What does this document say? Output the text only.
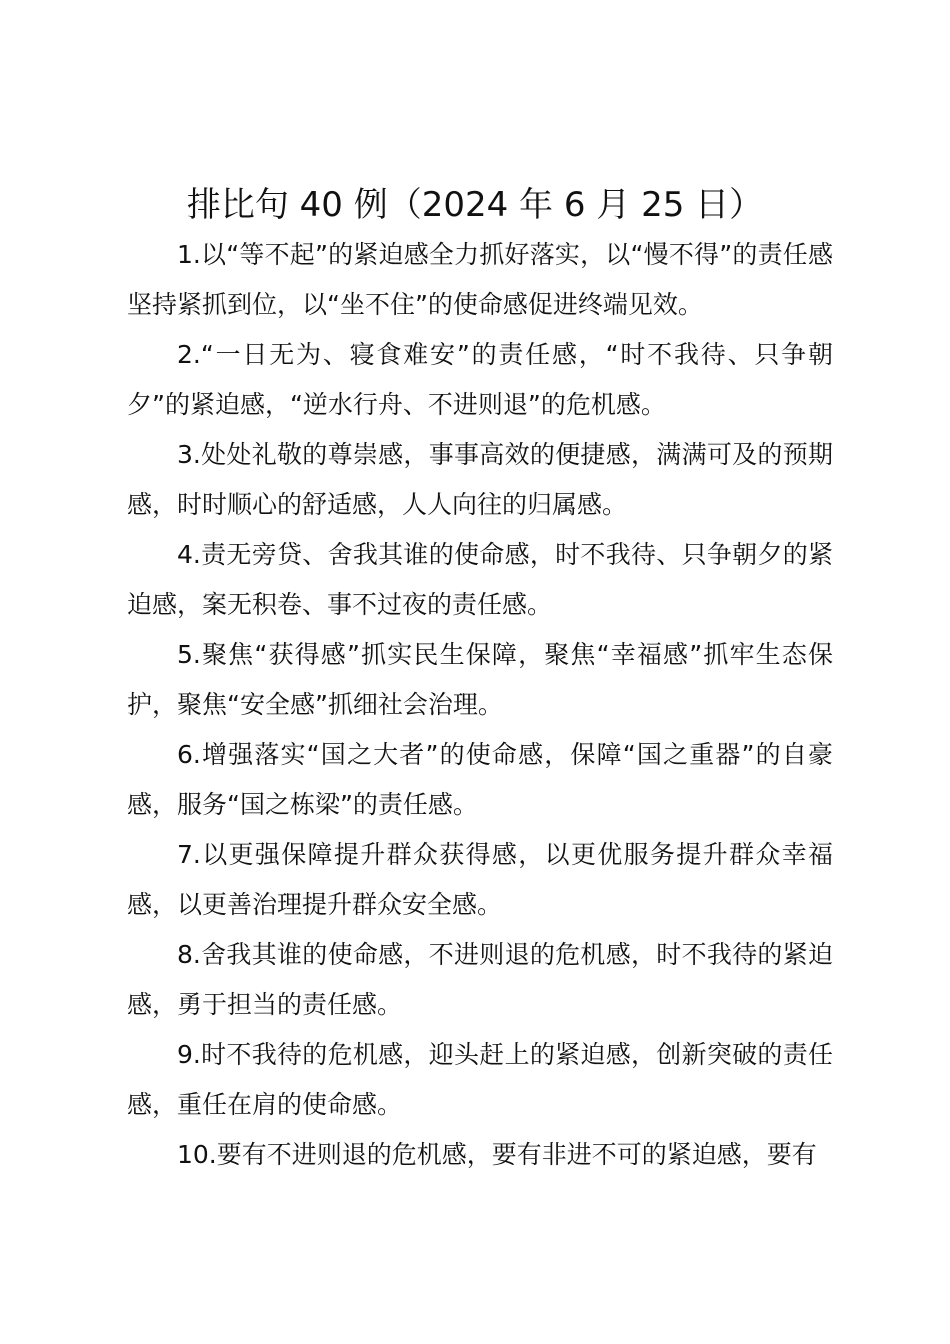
排比句 40 例（2024 年 6 月 25 日）

1.以“等不起”的紧迫感全力抓好落实，以“慢不得”的责任感坚持紧抓到位，以“坐不住”的使命感促进终端见效。

2.“一日无为、寝食难安”的责任感，“时不我待、只争朝夕”的紧迫感，“逆水行舟、不进则退”的危机感。

3.处处礼敬的尊崇感，事事高效的便捷感，满满可及的预期感，时时顺心的舒适感，人人向往的归属感。

4.责无旁贷、舍我其谁的使命感，时不我待、只争朝夕的紧迫感，案无积卷、事不过夜的责任感。

5.聚焦“获得感”抓实民生保障，聚焦“幸福感”抓牢生态保护，聚焦“安全感”抓细社会治理。

6.增强落实“国之大者”的使命感，保障“国之重器”的自豪感，服务“国之栋梁”的责任感。

7.以更强保障提升群众获得感，以更优服务提升群众幸福感，以更善治理提升群众安全感。

8.舍我其谁的使命感，不进则退的危机感，时不我待的紧迫感，勇于担当的责任感。

9.时不我待的危机感，迎头赶上的紧迫感，创新突破的责任感，重任在肩的使命感。

10.要有不进则退的危机感，要有非进不可的紧迫感，要有
